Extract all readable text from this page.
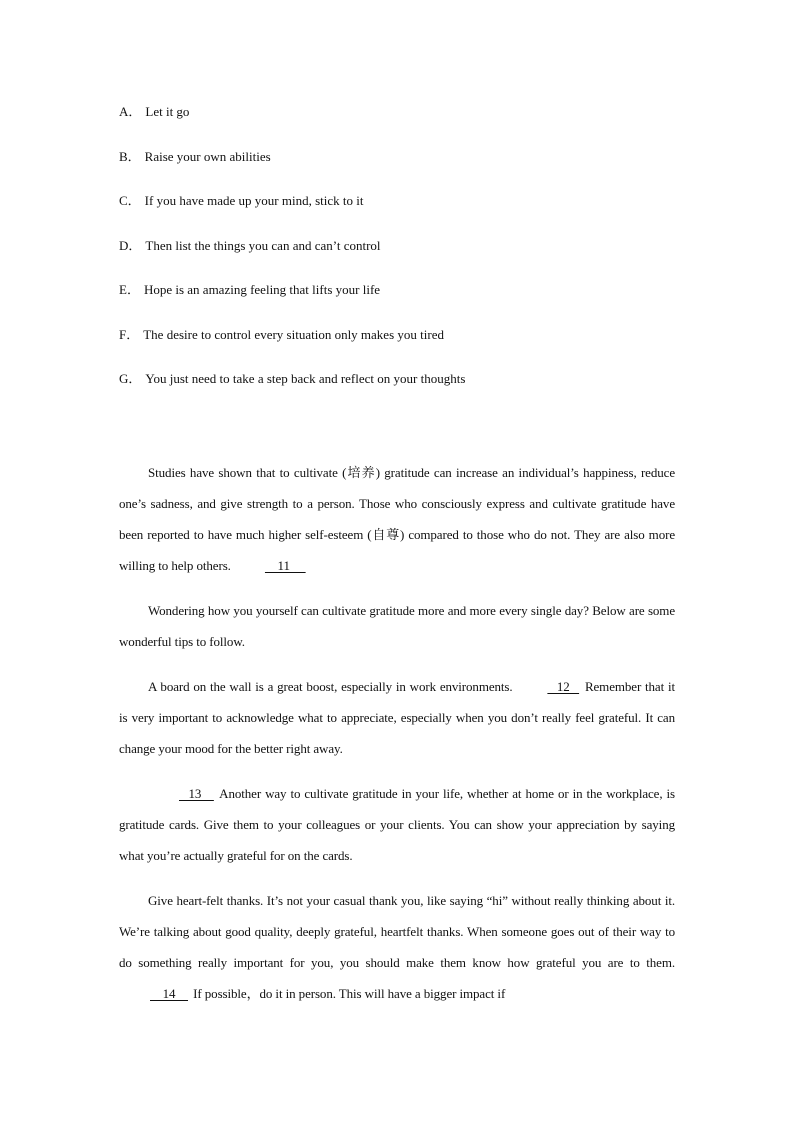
A． Let it go
B． Raise your own abilities
C． If you have made up your mind, stick to it
D． Then list the things you can and can’t control
E． Hope is an amazing feeling that lifts your life
F． The desire to control every situation only makes you tired
G． You just need to take a step back and reflect on your thoughts

Studies have shown that to cultivate (培养) gratitude can increase an individual’s happiness, reduce one’s sadness, and give strength to a person. Those who consciously express and cultivate gratitude have been reported to have much higher self-esteem (自尊) compared to those who do not. They are also more willing to help others.     11

Wondering how you yourself can cultivate gratitude more and more every single day? Below are some wonderful tips to follow.

A board on the wall is a great boost, especially in work environments.    12    Remember that it is very important to acknowledge what to appreciate, especially when you don’t really feel grateful. It can change your mood for the better right away.

13     Another way to cultivate gratitude in your life, whether at home or in the workplace, is gratitude cards. Give them to your colleagues or your clients. You can show your appreciation by saying what you’re actually grateful for on the cards.

Give heart-felt thanks. It’s not your casual thank you, like saying “hi” without really thinking about it. We’re talking about good quality, deeply grateful, heartfelt thanks. When someone goes out of their way to do something really important for you, you should make them know how grateful you are to them.     14     If possible，do it in person. This will have a bigger impact if
